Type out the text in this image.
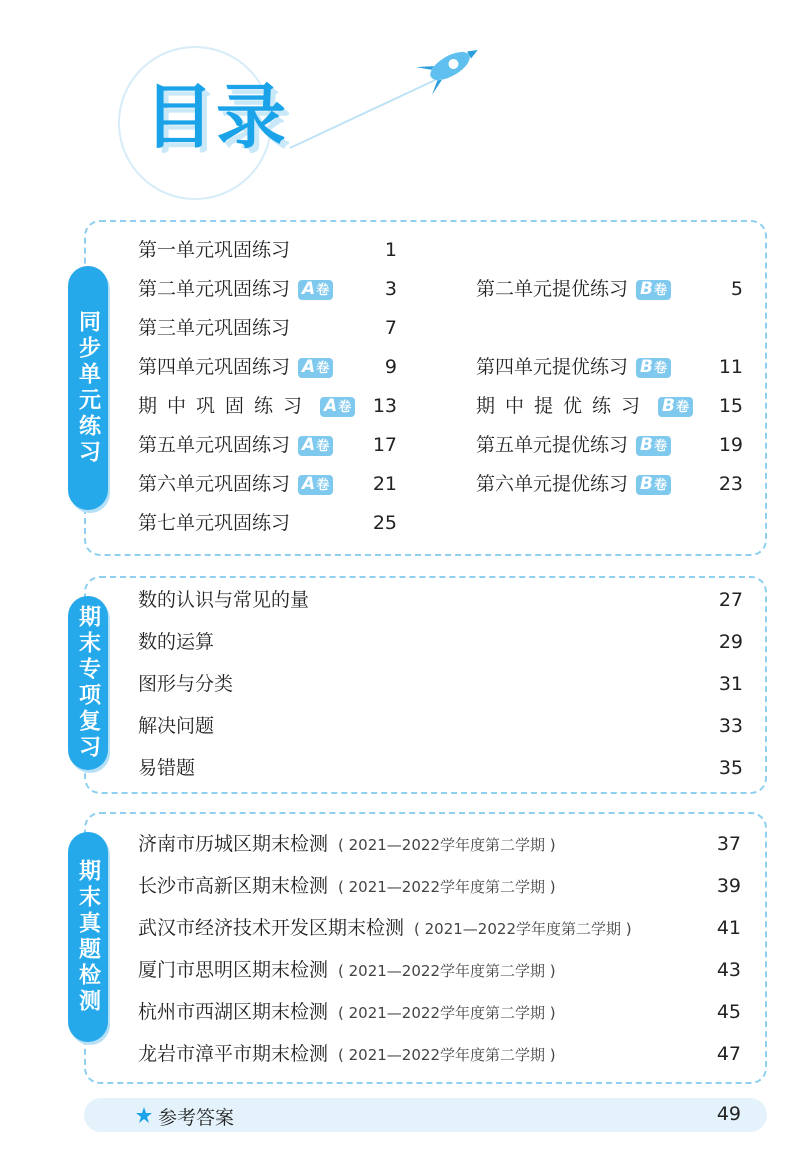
目录
同步单元练习
期末专项复习
期末真题检测
参考答案	49
第一单元巩固练习	1
第二单元巩固练习 A卷	3
第三单元巩固练习	7
第四单元巩固练习 A卷	9
期中巩固练习 A卷	13
第五单元巩固练习 A卷	17
第六单元巩固练习 A卷	21
第七单元巩固练习	25
第二单元提优练习 B卷	5
第四单元提优练习 B卷	11
期中提优练习 B卷	15
第五单元提优练习 B卷	19
第六单元提优练习 B卷	23
数的认识与常见的量	27
数的运算	29
图形与分类	31
解决问题	33
易错题	35
济南市历城区期末检测 ( 2021—2022学年度第二学期 )	37
长沙市高新区期末检测 ( 2021—2022学年度第二学期 )	39
武汉市经济技术开发区期末检测 ( 2021—2022学年度第二学期 )	41
厦门市思明区期末检测 ( 2021—2022学年度第二学期 )	43
杭州市西湖区期末检测 ( 2021—2022学年度第二学期 )	45
龙岩市漳平市期末检测 ( 2021—2022学年度第二学期 )	47
